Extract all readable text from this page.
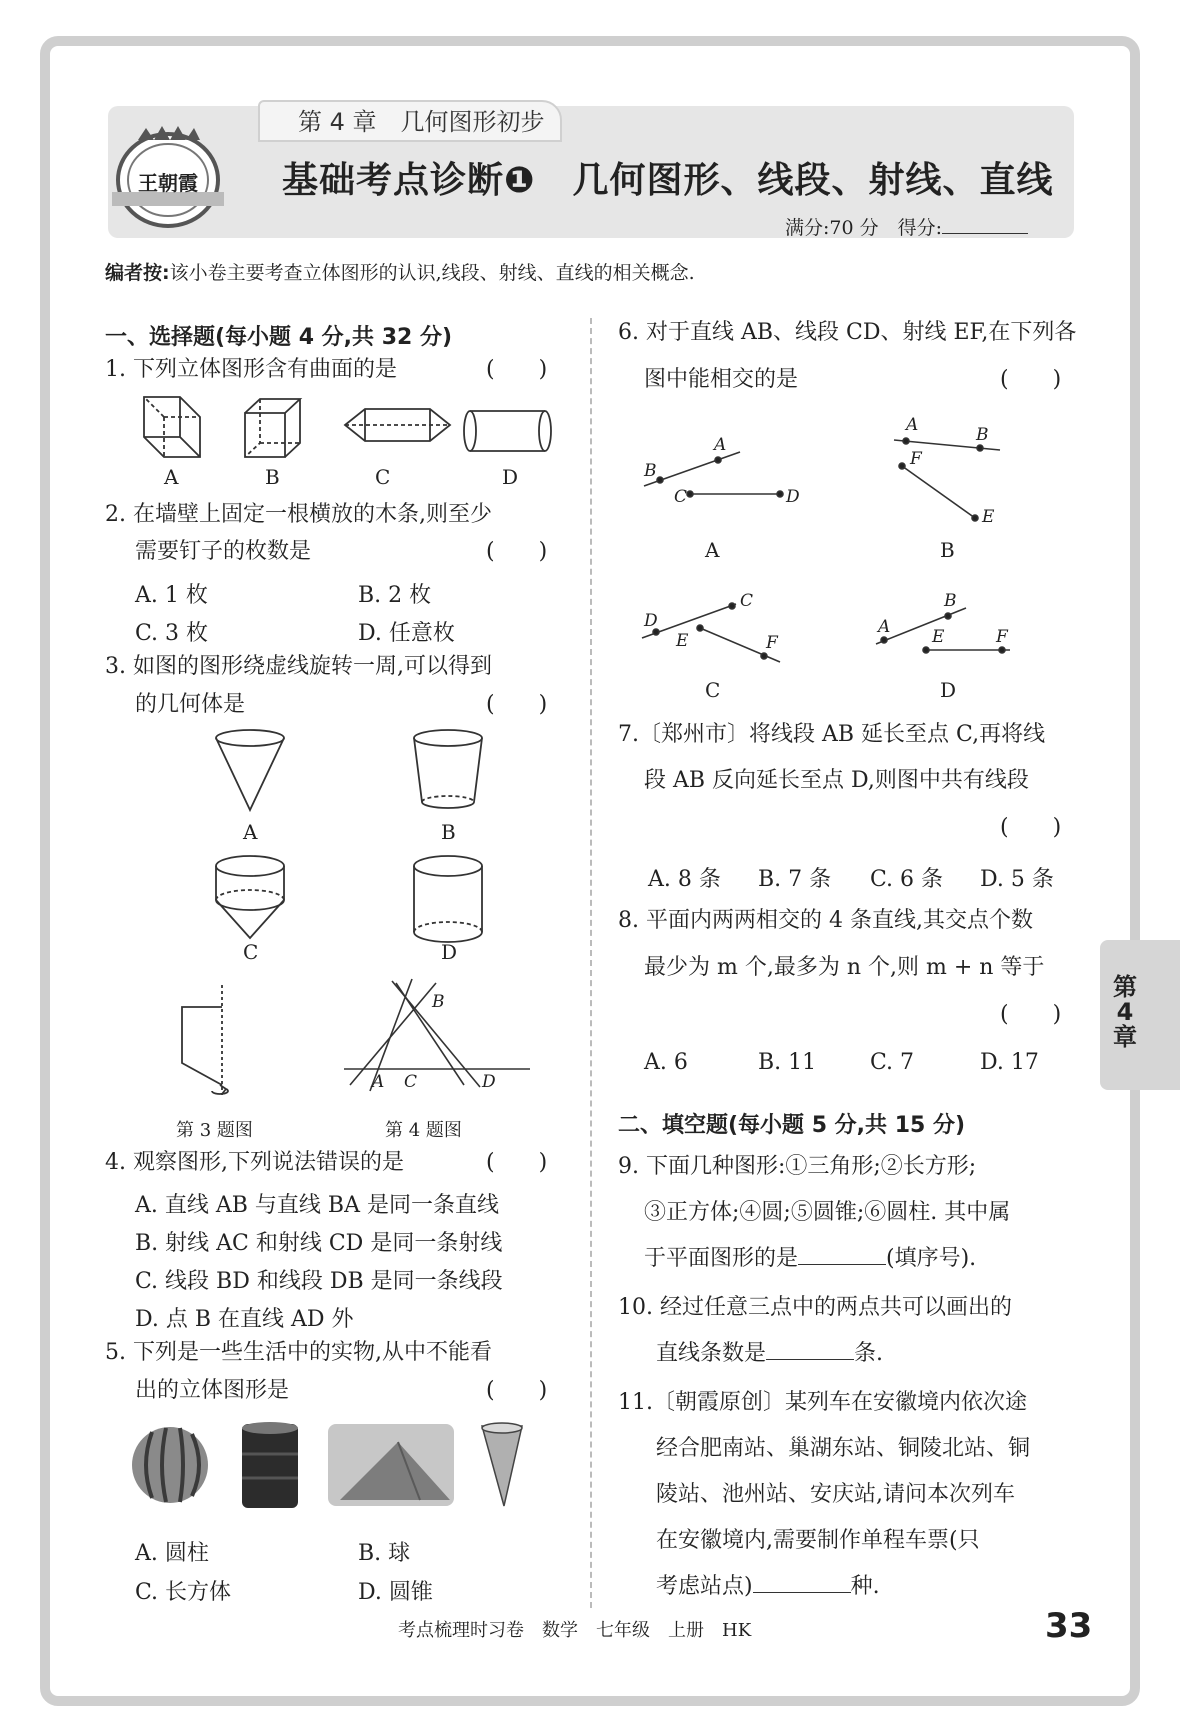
第 4 章　几何图形初步
王朝霞 基础考点诊断❶　几何图形、线段、射线、直线
满分:70 分　得分:
编者按:该小卷主要考查立体图形的认识,线段、射线、直线的相关概念.
一、选择题(每小题 4 分,共 32 分)
1. 下列立体图形含有曲面的是	(　　)
A	B	C	D
2. 在墙壁上固定一根横放的木条,则至少
需要钉子的枚数是	(　　)
A. 1 枚	B. 2 枚
C. 3 枚	D. 任意枚
3. 如图的图形绕虚线旋转一周,可以得到
的几何体是	(　　)
A	B
C	D
第 3 题图
A
B
C	D
第 4 题图
4. 观察图形,下列说法错误的是	(　　)
A. 直线 AB 与直线 BA 是同一条直线
B. 射线 AC 和射线 CD 是同一条射线
C. 线段 BD 和线段 DB 是同一条线段
D. 点 B 在直线 AD 外
5. 下列是一些生活中的实物,从中不能看
出的立体图形是	(　　)
A. 圆柱	B. 球
C. 长方体	D. 圆锥
6. 对于直线 AB、线段 CD、射线 EF,在下列各
图中能相交的是	(　　)
B
A
C	D
A	B
F
E
D
C
E	F
A
B
E	F
A	B
C	D
7.〔郑州市〕将线段 AB 延长至点 C,再将线
段 AB 反向延长至点 D,则图中共有线段
(　　)
A. 8 条 B. 7 条 C. 6 条 D. 5 条
8. 平面内两两相交的 4 条直线,其交点个数
最少为 m 个,最多为 n 个,则 m + n 等于
(　　)
A. 6	B. 11 C. 7	D. 17
二、填空题(每小题 5 分,共 15 分)
9. 下面几种图形:①三角形;②长方形;
③正方体;④圆;⑤圆锥;⑥圆柱. 其中属
于平面图形的是	(填序号).
10. 经过任意三点中的两点共可以画出的
直线条数是	条.
11.〔朝霞原创〕某列车在安徽境内依次途
经合肥南站、巢湖东站、铜陵北站、铜
陵站、池州站、安庆站,请问本次列车
在安徽境内,需要制作单程车票(只
考虑站点)	种.
第
4
章
考点梳理时习卷　数学　七年级　上册　HK	33
